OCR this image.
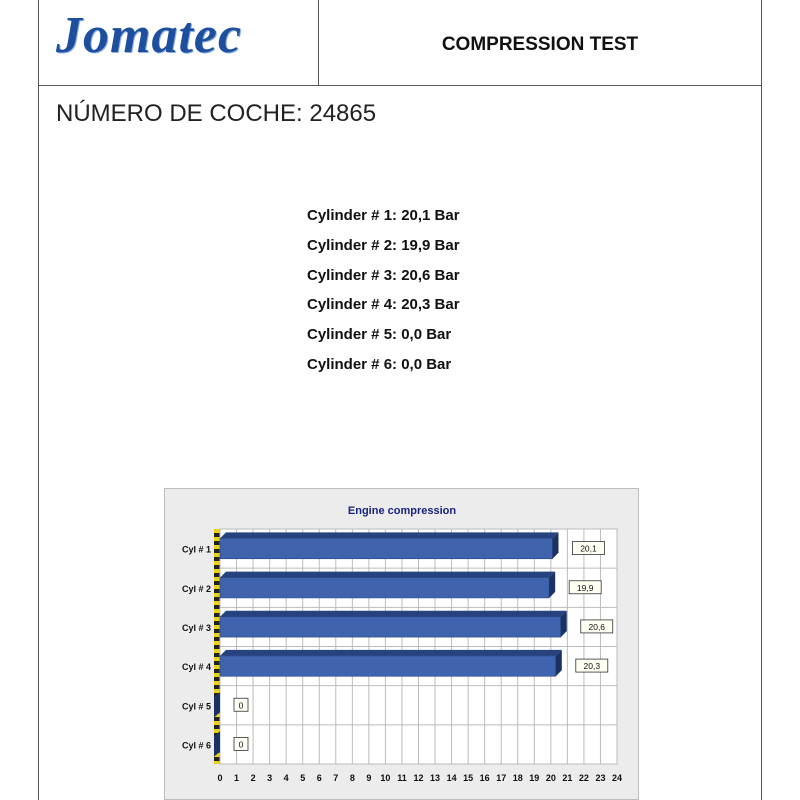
Jomatec	COMPRESSION TEST
NÚMERO DE COCHE: 24865
Cylinder # 1: 20,1 Bar
Cylinder # 2: 19,9 Bar
Cylinder # 3: 20,6 Bar
Cylinder # 4: 20,3 Bar
Cylinder # 5: 0,0 Bar
Cylinder # 6: 0,0 Bar
0 1 2 3 4 5 6 7 8 9 10 11 12 13 14 15 16 17 18 19 20 21 22 23 24
Engine compression
Cyl # 1	20,1
Cyl # 2	19,9
Cyl # 3	20,6
Cyl # 4	20,3
Cyl # 5	0
Cyl # 6	0
